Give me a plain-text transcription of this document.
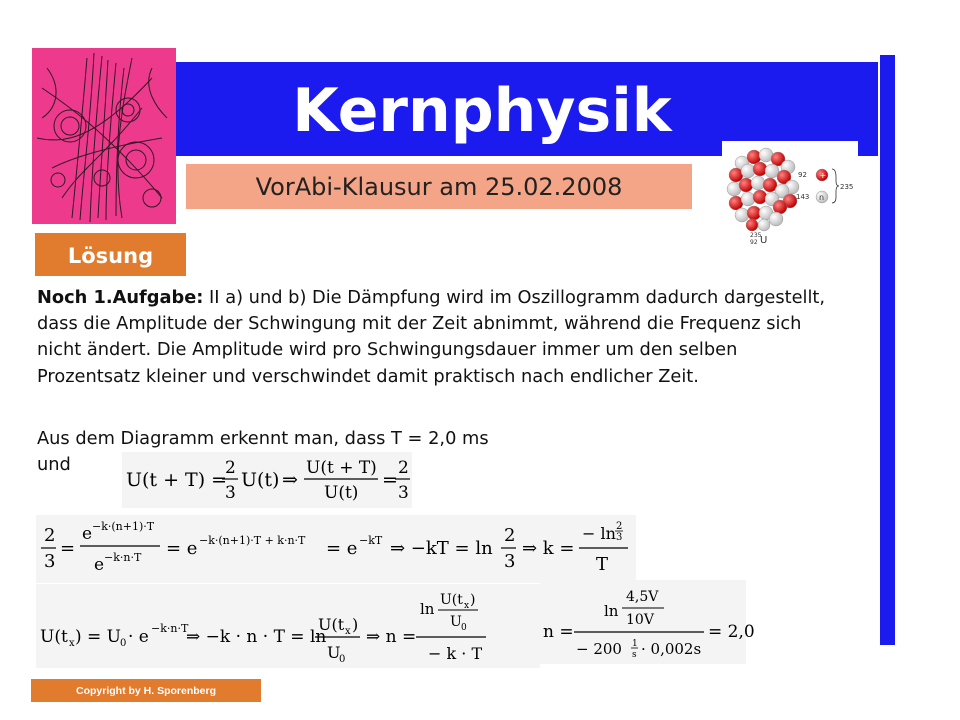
Kernphysik
VorAbi-Klausur am 25.02.2008	92 +
143 n
235
235
92 U
Lösung

Noch 1.Aufgabe: II a) und b) Die Dämpfung wird im Oszillogramm dadurch dargestellt, dass die Amplitude der Schwingung mit der Zeit abnimmt, während die Frequenz sich nicht ändert. Die Amplitude wird pro Schwingungsdauer immer um den selben Prozentsatz kleiner und verschwindet damit praktisch nach endlicher Zeit.

Aus dem Diagramm erkennt man, dass T = 2,0 ms
und

U(t + T) =
2
3
U(t) ⇒
U(t + T)
U(t)
=
2
3
2
3
=
e −k·(n+1)·T
e −k·n·T = e −k·(n+1)·T + k·n·T = e −kT ⇒ −kT = ln
2
3
⇒ k =
− ln 2
3
T
U(t x ) = U
0 · e −k·n·T
⇒ −k · n · T = ln
U(t x )
U
0
⇒ n =
ln U(t x )
U 0
− k · T
n =
ln
4,5V
10V
− 200 1
s · 0,002s
= 2,0
Copyright by H. Sporenberg
